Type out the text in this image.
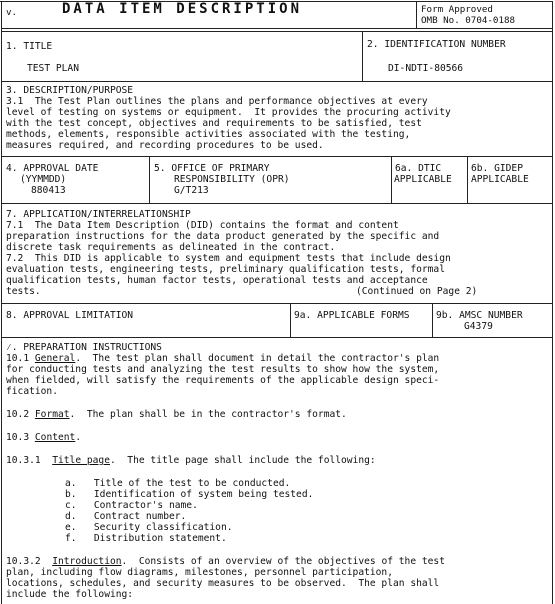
v.	DATA ITEM DESCRIPTION	Form Approved
OMB No. 0704-0188
1. TITLE
TEST PLAN
2. IDENTIFICATION NUMBER
DI-NDTI-80566
3. DESCRIPTION/PURPOSE
3.1  The Test Plan outlines the plans and performance objectives at every
level of testing on systems or equipment.  It provides the procuring activity
with the test concept, objectives and requirements to be satisfied, test
methods, elements, responsible activities associated with the testing,
measures required, and recording procedures to be used.
4. APPROVAL DATE
(YYMMDD)
880413
5. OFFICE OF PRIMARY
RESPONSIBILITY (OPR)
G/T213
6a. DTIC
APPLICABLE
6b. GIDEP
APPLICABLE
7. APPLICATION/INTERRELATIONSHIP
7.1  The Data Item Description (DID) contains the format and content
preparation instructions for the data product generated by the specific and
discrete task requirements as delineated in the contract.
7.2  This DID is applicable to system and equipment tests that include design
evaluation tests, engineering tests, preliminary qualification tests, formal
qualification tests, human factor tests, operational tests and acceptance
tests.	(Continued on Page 2)
8. APPROVAL LIMITATION	9a. APPLICABLE FORMS	9b. AMSC NUMBER
G4379
⁄. PREPARATION INSTRUCTIONS
10.1 General.  The test plan shall document in detail the contractor's plan
for conducting tests and analyzing the test results to show how the system,
when fielded, will satisfy the requirements of the applicable design speci-
fication.
10.2 Format.  The plan shall be in the contractor's format.
10.3 Content.
10.3.1 Title page.  The title page shall include the following:
a. Title of the test to be conducted.
b. Identification of system being tested.
c. Contractor's name.
d. Contract number.
e. Security classification.
f. Distribution statement.
10.3.2 Introduction.  Consists of an overview of the objectives of the test
plan, including flow diagrams, milestones, personnel participation,
locations, schedules, and security measures to be observed.  The plan shall
include the following:
